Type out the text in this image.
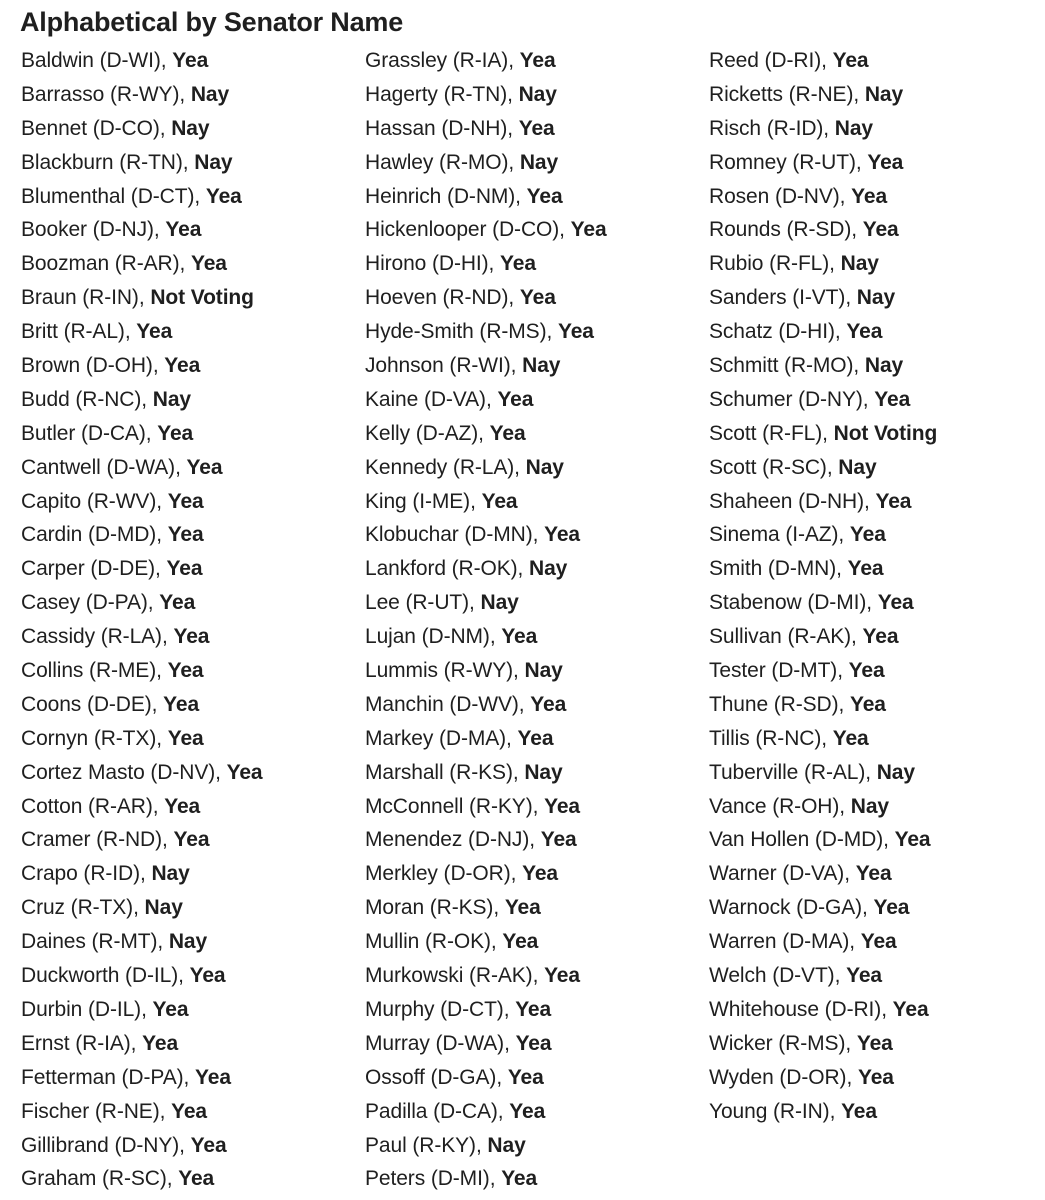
Alphabetical by Senator Name
Baldwin (D-WI), Yea
Barrasso (R-WY), Nay
Bennet (D-CO), Nay
Blackburn (R-TN), Nay
Blumenthal (D-CT), Yea
Booker (D-NJ), Yea
Boozman (R-AR), Yea
Braun (R-IN), Not Voting
Britt (R-AL), Yea
Brown (D-OH), Yea
Budd (R-NC), Nay
Butler (D-CA), Yea
Cantwell (D-WA), Yea
Capito (R-WV), Yea
Cardin (D-MD), Yea
Carper (D-DE), Yea
Casey (D-PA), Yea
Cassidy (R-LA), Yea
Collins (R-ME), Yea
Coons (D-DE), Yea
Cornyn (R-TX), Yea
Cortez Masto (D-NV), Yea
Cotton (R-AR), Yea
Cramer (R-ND), Yea
Crapo (R-ID), Nay
Cruz (R-TX), Nay
Daines (R-MT), Nay
Duckworth (D-IL), Yea
Durbin (D-IL), Yea
Ernst (R-IA), Yea
Fetterman (D-PA), Yea
Fischer (R-NE), Yea
Gillibrand (D-NY), Yea
Graham (R-SC), Yea
Grassley (R-IA), Yea
Hagerty (R-TN), Nay
Hassan (D-NH), Yea
Hawley (R-MO), Nay
Heinrich (D-NM), Yea
Hickenlooper (D-CO), Yea
Hirono (D-HI), Yea
Hoeven (R-ND), Yea
Hyde-Smith (R-MS), Yea
Johnson (R-WI), Nay
Kaine (D-VA), Yea
Kelly (D-AZ), Yea
Kennedy (R-LA), Nay
King (I-ME), Yea
Klobuchar (D-MN), Yea
Lankford (R-OK), Nay
Lee (R-UT), Nay
Lujan (D-NM), Yea
Lummis (R-WY), Nay
Manchin (D-WV), Yea
Markey (D-MA), Yea
Marshall (R-KS), Nay
McConnell (R-KY), Yea
Menendez (D-NJ), Yea
Merkley (D-OR), Yea
Moran (R-KS), Yea
Mullin (R-OK), Yea
Murkowski (R-AK), Yea
Murphy (D-CT), Yea
Murray (D-WA), Yea
Ossoff (D-GA), Yea
Padilla (D-CA), Yea
Paul (R-KY), Nay
Peters (D-MI), Yea
Reed (D-RI), Yea
Ricketts (R-NE), Nay
Risch (R-ID), Nay
Romney (R-UT), Yea
Rosen (D-NV), Yea
Rounds (R-SD), Yea
Rubio (R-FL), Nay
Sanders (I-VT), Nay
Schatz (D-HI), Yea
Schmitt (R-MO), Nay
Schumer (D-NY), Yea
Scott (R-FL), Not Voting
Scott (R-SC), Nay
Shaheen (D-NH), Yea
Sinema (I-AZ), Yea
Smith (D-MN), Yea
Stabenow (D-MI), Yea
Sullivan (R-AK), Yea
Tester (D-MT), Yea
Thune (R-SD), Yea
Tillis (R-NC), Yea
Tuberville (R-AL), Nay
Vance (R-OH), Nay
Van Hollen (D-MD), Yea
Warner (D-VA), Yea
Warnock (D-GA), Yea
Warren (D-MA), Yea
Welch (D-VT), Yea
Whitehouse (D-RI), Yea
Wicker (R-MS), Yea
Wyden (D-OR), Yea
Young (R-IN), Yea
